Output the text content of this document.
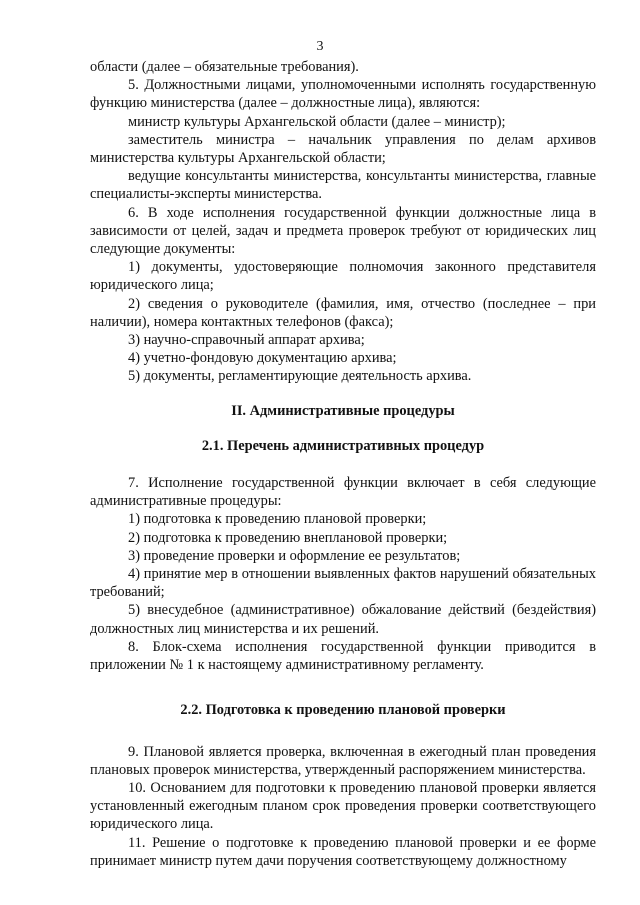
3

области (далее – обязательные требования).

5. Должностными лицами, уполномоченными исполнять государственную функцию министерства (далее – должностные лица), являются:

министр культуры Архангельской области (далее – министр);

заместитель министра – начальник управления по делам архивов министерства культуры Архангельской области;

ведущие консультанты министерства, консультанты министерства, главные специалисты-эксперты министерства.

6. В ходе исполнения государственной функции должностные лица в зависимости от целей, задач и предмета проверок требуют от юридических лиц следующие документы:

1) документы, удостоверяющие полномочия законного представителя юридического лица;

2) сведения о руководителе (фамилия, имя, отчество (последнее – при наличии), номера контактных телефонов (факса);

3) научно-справочный аппарат архива;

4) учетно-фондовую документацию архива;

5) документы, регламентирующие деятельность архива.

II. Административные процедуры

2.1. Перечень административных процедур

7. Исполнение государственной функции включает в себя следующие административные процедуры:

1) подготовка к проведению плановой проверки;

2) подготовка к проведению внеплановой проверки;

3) проведение проверки и оформление ее результатов;

4) принятие мер в отношении выявленных фактов нарушений обязательных требований;

5) внесудебное (административное) обжалование действий (бездействия) должностных лиц министерства и их решений.

8. Блок-схема исполнения государственной функции приводится в приложении № 1 к настоящему административному регламенту.

2.2. Подготовка к проведению плановой проверки

9. Плановой является проверка, включенная в ежегодный план проведения плановых проверок министерства, утвержденный распоряжением министерства.

10. Основанием для подготовки к проведению плановой проверки является установленный ежегодным планом срок проведения проверки соответствующего юридического лица.

11. Решение о подготовке к проведению плановой проверки и ее форме принимает министр путем дачи поручения соответствующему должностному
